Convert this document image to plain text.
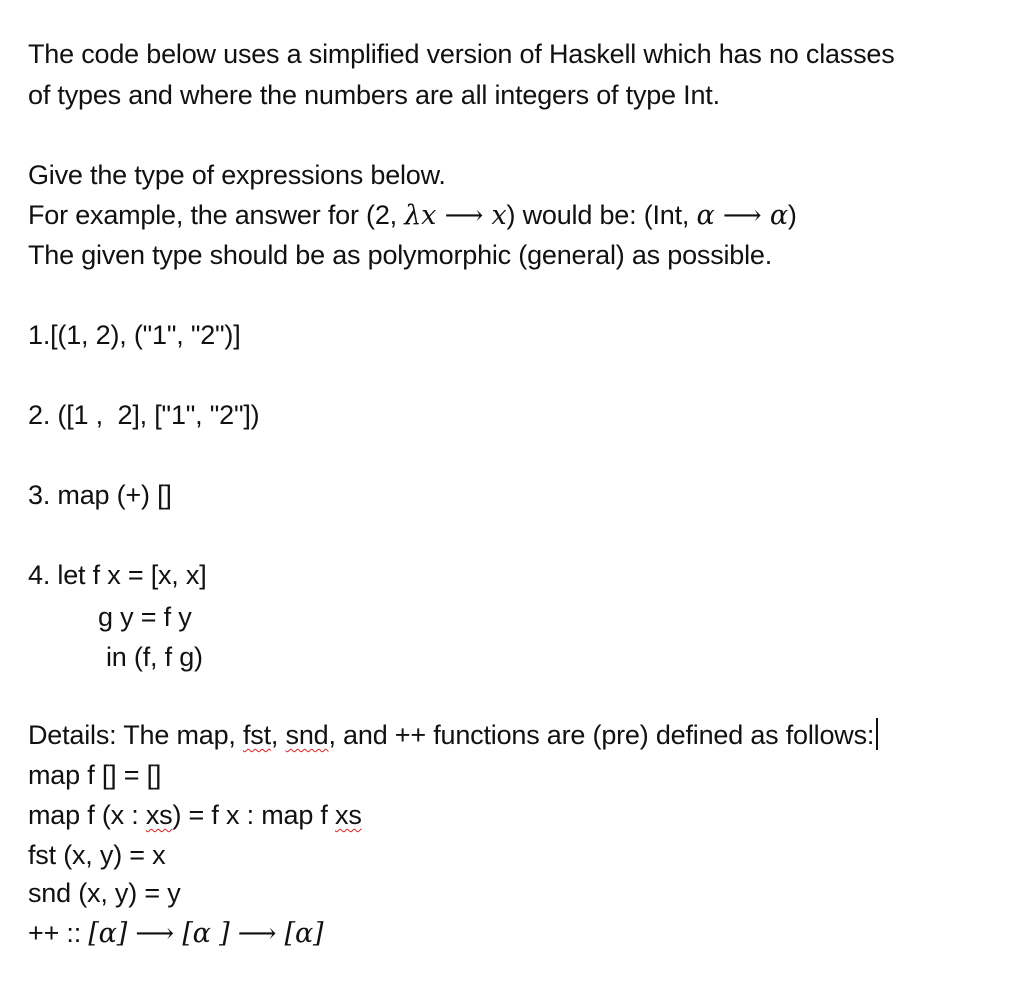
The code below uses a simplified version of Haskell which has no classes
of types and where the numbers are all integers of type Int.
Give the type of expressions below.
For example, the answer for (2, λx ⟶ x) would be: (Int, α ⟶ α)
The given type should be as polymorphic (general) as possible.
1.[(1, 2), ("1", "2")]
2. ([1 ,  2], ["1", "2"])
3. map (+) []
4. let f x = [x, x]
g y = f y
in (f, f g)
Details: The map, fst, snd, and ++ functions are (pre) defined as follows:
map f [] = []
map f (x : xs) = f x : map f xs
fst (x, y) = x
snd (x, y) = y
++ :: [α] ⟶ [α ] ⟶ [α]
